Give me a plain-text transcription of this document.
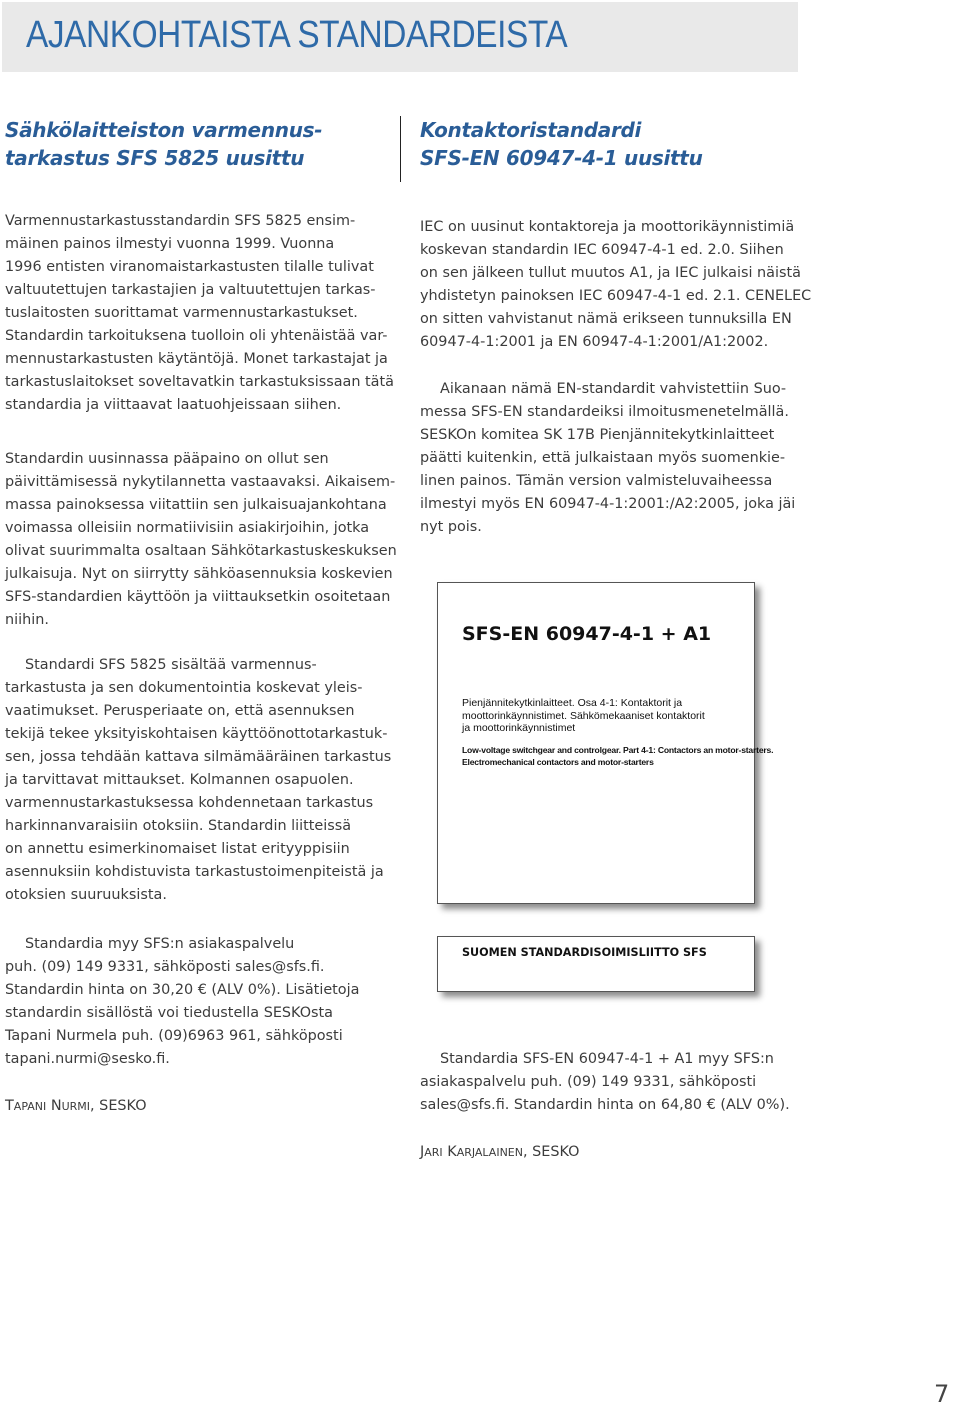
AJANKOHTAISTA STANDARDEISTA
Sähkölaitteiston varmennus-
tarkastus SFS 5825 uusittu

Varmennustarkastusstandardin SFS 5825 ensim-
mäinen painos ilmestyi vuonna 1999. Vuonna
1996 entisten viranomaistarkastusten tilalle tulivat
valtuutettujen tarkastajien ja valtuutettujen tarkas-
tuslaitosten suorittamat varmennustarkastukset.
Standardin tarkoituksena tuolloin oli yhtenäistää var-
mennustarkastusten käytäntöjä. Monet tarkastajat ja
tarkastuslaitokset soveltavatkin tarkastuksissaan tätä
standardia ja viittaavat laatuohjeissaan siihen.

Standardin uusinnassa pääpaino on ollut sen
päivittämisessä nykytilannetta vastaavaksi. Aikaisem-
massa painoksessa viitattiin sen julkaisuajankohtana
voimassa olleisiin normatiivisiin asiakirjoihin, jotka
olivat suurimmalta osaltaan Sähkötarkastuskeskuksen
julkaisuja. Nyt on siirrytty sähköasennuksia koskevien
SFS-standardien käyttöön ja viittauksetkin osoitetaan
niihin.

Standardi SFS 5825 sisältää varmennus-
tarkastusta ja sen dokumentointia koskevat yleis-
vaatimukset. Perusperiaate on, että asennuksen
tekijä tekee yksityiskohtaisen käyttöönottotarkastuk-
sen, jossa tehdään kattava silmämääräinen tarkastus
ja tarvittavat mittaukset. Kolmannen osapuolen.
varmennustarkastuksessa kohdennetaan tarkastus
harkinnanvaraisiin otoksiin. Standardin liitteissä
on annettu esimerkinomaiset listat erityyppisiin
asennuksiin kohdistuvista tarkastustoimenpiteistä ja
otoksien suuruuksista.

Standardia myy SFS:n asiakaspalvelu
puh. (09) 149 9331, sähköposti sales@sfs.fi.
Standardin hinta on 30,20 € (ALV 0%). Lisätietoja
standardin sisällöstä voi tiedustella SESKOsta
Tapani Nurmela puh. (09)6963 961, sähköposti
tapani.nurmi@sesko.fi.

TAPANI NURMI, SESKO

Kontaktoristandardi
SFS-EN 60947-4-1 uusittu

IEC on uusinut kontaktoreja ja moottorikäynnistimiä
koskevan standardin IEC 60947-4-1 ed. 2.0. Siihen
on sen jälkeen tullut muutos A1, ja IEC julkaisi näistä
yhdistetyn painoksen IEC 60947-4-1 ed. 2.1. CENELEC
on sitten vahvistanut nämä erikseen tunnuksilla EN
60947-4-1:2001 ja EN 60947-4-1:2001/A1:2002.

Aikanaan nämä EN-standardit vahvistettiin Suo-
messa SFS-EN standardeiksi ilmoitusmenetelmällä.
SESKOn komitea SK 17B Pienjännitekytkinlaitteet
päätti kuitenkin, että julkaistaan myös suomenkie-
linen painos. Tämän version valmisteluvaiheessa
ilmestyi myös EN 60947-4-1:2001:/A2:2005, joka jäi
nyt pois.

Standardia SFS-EN 60947-4-1 + A1 myy SFS:n
asiakaspalvelu puh. (09) 149 9331, sähköposti
sales@sfs.fi. Standardin hinta on 64,80 € (ALV 0%).

JARI KARJALAINEN, SESKO

SFS-EN 60947-4-1 + A1

Pienjännitekytkinlaitteet. Osa 4-1: Kontaktorit ja
moottorinkäynnistimet. Sähkömekaaniset kontaktorit
ja moottorinkäynnistimet

Low-voltage switchgear and controlgear. Part 4-1: Contactors an motor-starters.
Electromechanical contactors and motor-starters

SUOMEN STANDARDISOIMISLIITTO SFS

7
